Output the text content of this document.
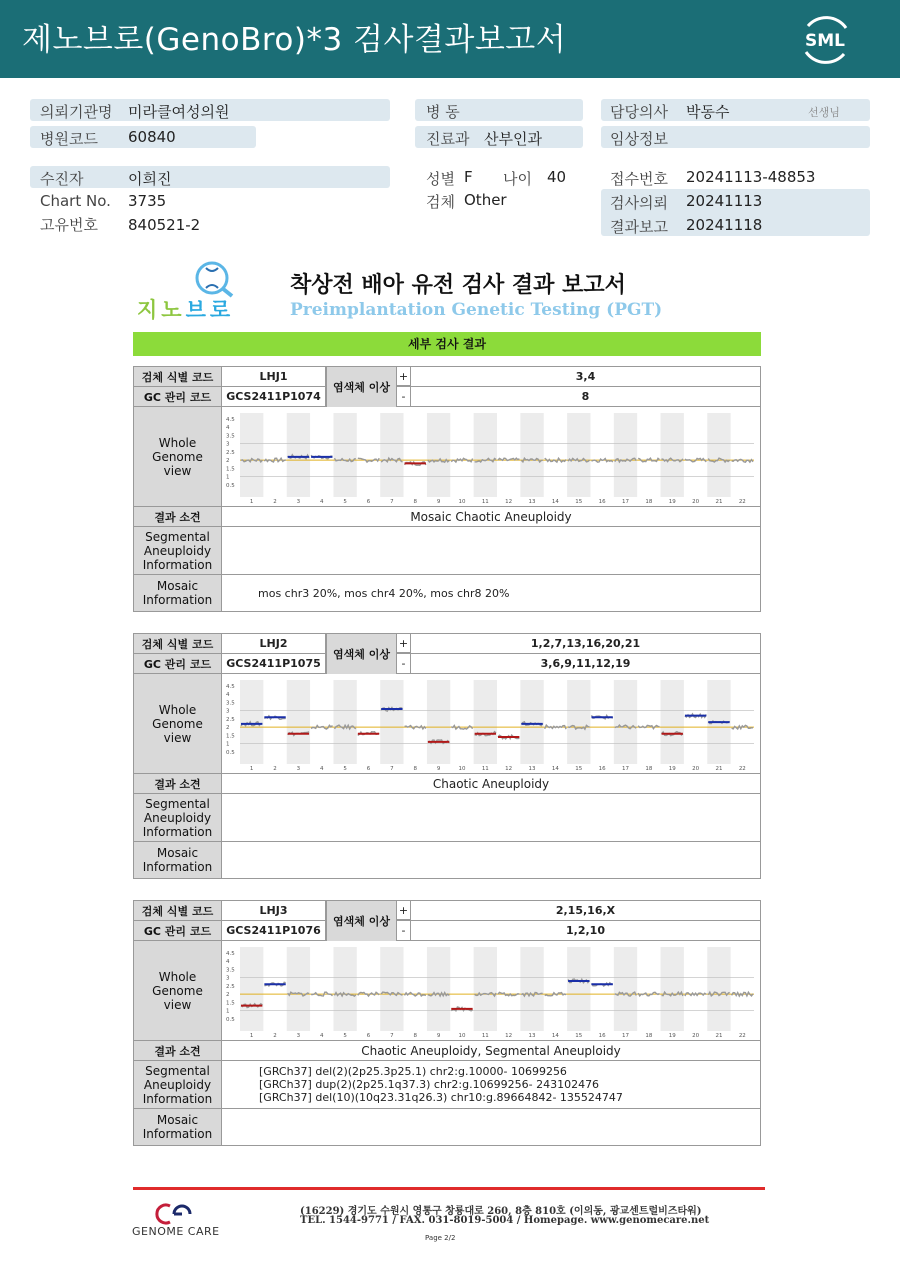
제노브로(GenoBro)*3 검사결과보고서	SML
의뢰기관명 미라클여성의원
병원코드 60840
병 동
진료과 산부인과
담당의사 박동수	선생님
임상정보
수진자	이희진
Chart No. 3735
고유번호 840521-2
성별 F 나이 40
검체 Other
접수번호 20241113-48853
검사의뢰 20241113
결과보고 20241118
지노브로
착상전 배아 유전 검사 결과 보고서
Preimplantation Genetic Testing (PGT)
세부 검사 결과
검체 식별 코드	LHJ1	+	3,4
GC 관리 코드	GCS2411P1074	-	8
염색체 이상
Whole
Genome
view
4.5
4
3.5
3
2.5
2
1.5
1
0.5
1	2	3	4	5	6	7	8	9	10	11	12	13	14	15	16	17	18	19	20	21	22
결과 소견	Mosaic Chaotic Aneuploidy
Segmental
Aneuploidy
Information
Mosaic
Information	mos chr3 20%, mos chr4 20%, mos chr8 20%
검체 식별 코드	LHJ2	+	1,2,7,13,16,20,21
GC 관리 코드	GCS2411P1075	-	3,6,9,11,12,19
염색체 이상
Whole
Genome
view
4.5
4
3.5
3
2.5
2
1.5
1
0.5
1	2	3	4	5	6	7	8	9	10	11	12	13	14	15	16	17	18	19	20	21	22
결과 소견	Chaotic Aneuploidy
Segmental
Aneuploidy
Information
Mosaic
Information
검체 식별 코드	LHJ3	+	2,15,16,X
GC 관리 코드	GCS2411P1076	-	1,2,10
염색체 이상
Whole
Genome
view
4.5
4
3.5
3
2.5
2
1.5
1
0.5
1	2	3	4	5	6	7	8	9	10	11	12	13	14	15	16	17	18	19	20	21	22
결과 소견	Chaotic Aneuploidy, Segmental Aneuploidy
Segmental
Aneuploidy
Information
[GRCh37] del(2)(2p25.3p25.1) chr2:g.10000- 10699256
[GRCh37] dup(2)(2p25.1q37.3) chr2:g.10699256- 243102476
[GRCh37] del(10)(10q23.31q26.3) chr10:g.89664842- 135524747
Mosaic
Information
GENOME CARE
(16229) 경기도 수원시 영통구 창룡대로 260, 8층 810호 (이의동, 광교센트럴비즈타워)
TEL. 1544-9771 / FAX. 031-8019-5004 / Homepage. www.genomecare.net
Page 2/2
